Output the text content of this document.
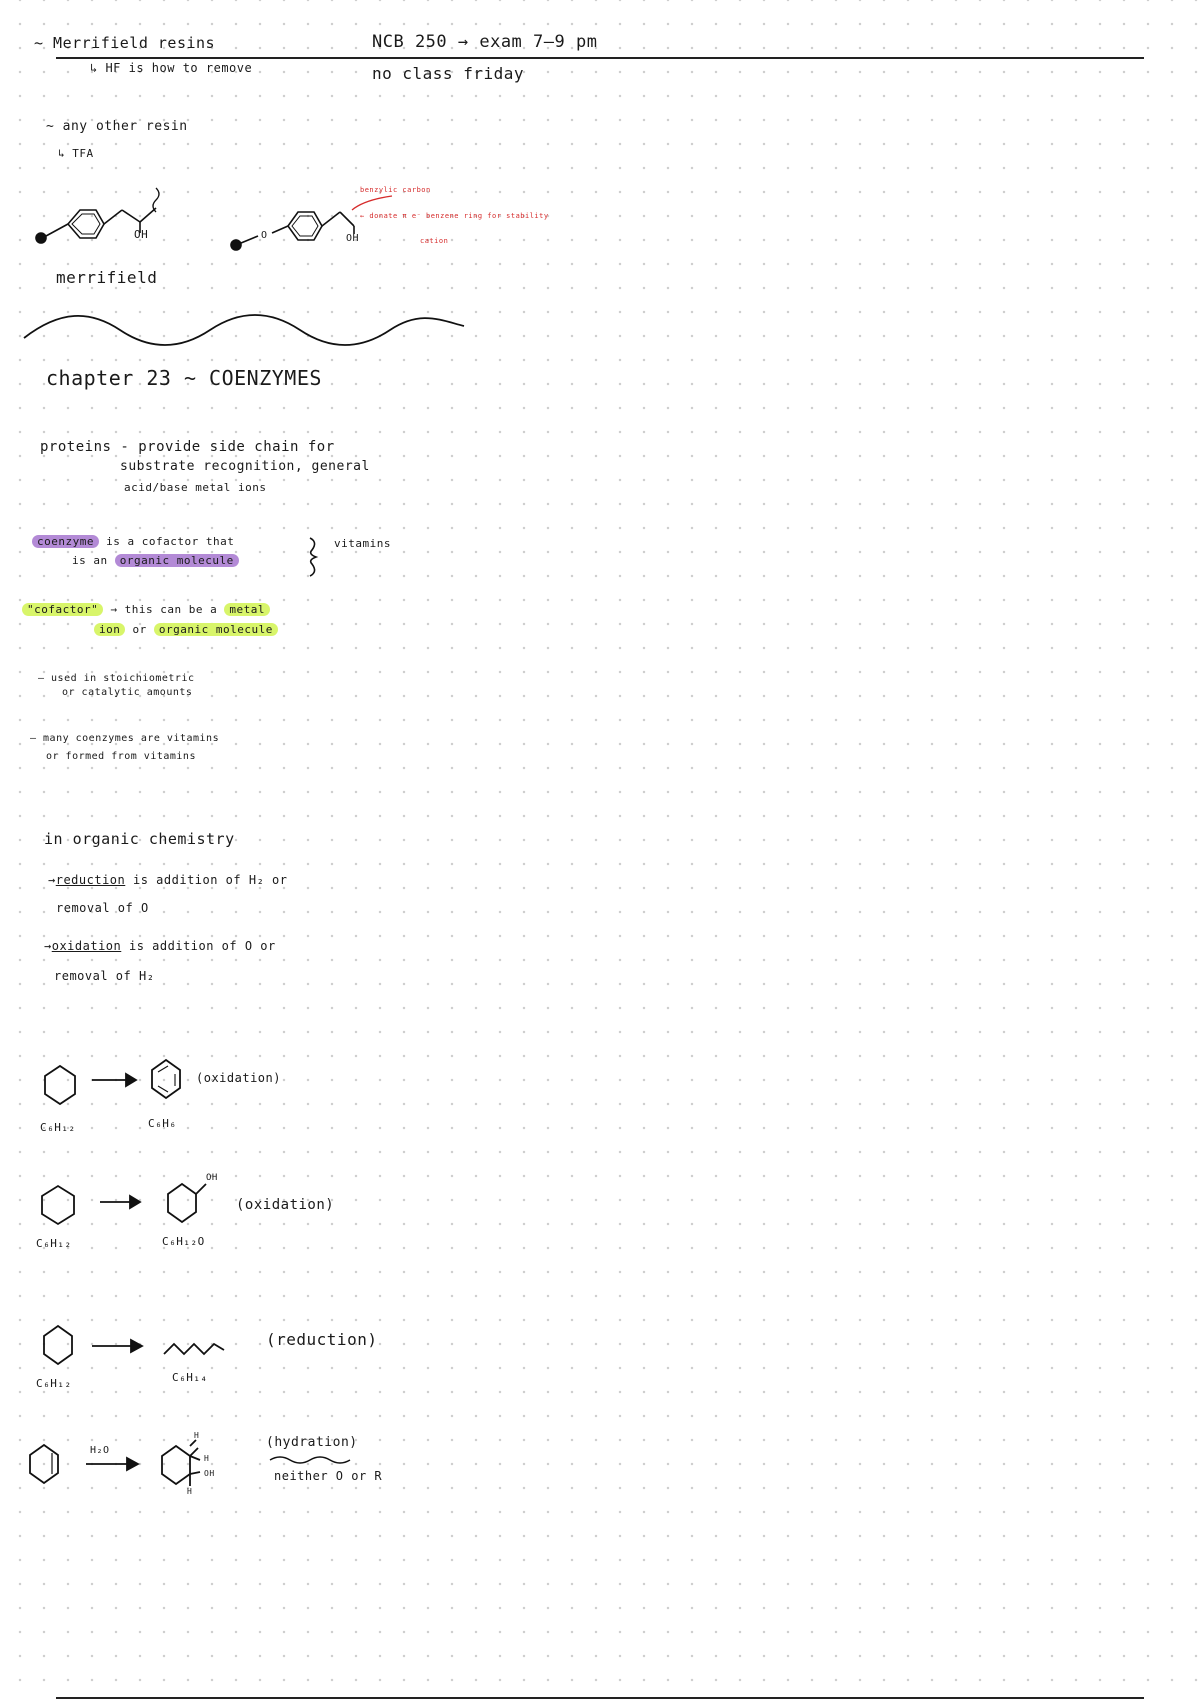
~ Merrifield resins
↳ HF is how to remove
NCB 250 → exam 7–9 pm
no class friday
~ any other resin
↳ TFA
OH
merrifield
O	OH
benzylic carbon
← donate π e⁻ benzene ring for stability
cation
chapter 23 ~ COENZYMES
proteins - provide side chain for
substrate recognition, general
acid/base metal ions
coenzyme is a cofactor that
is an organic molecule
vitamins
"cofactor" → this can be a metal
ion or organic molecule
– used in stoichiometric
or catalytic amounts
– many coenzymes are vitamins
or formed from vitamins
in organic chemistry
→reduction is addition of H₂ or
removal of O
→oxidation is addition of O or
removal of H₂
(oxidation)
C₆H₁₂	C₆H₆
OH
(oxidation)
C₆H₁₂	C₆H₁₂O
(reduction)
C₆H₁₂	C₆H₁₄
H₂O
H
H
OH
H
(hydration)
neither O or R
